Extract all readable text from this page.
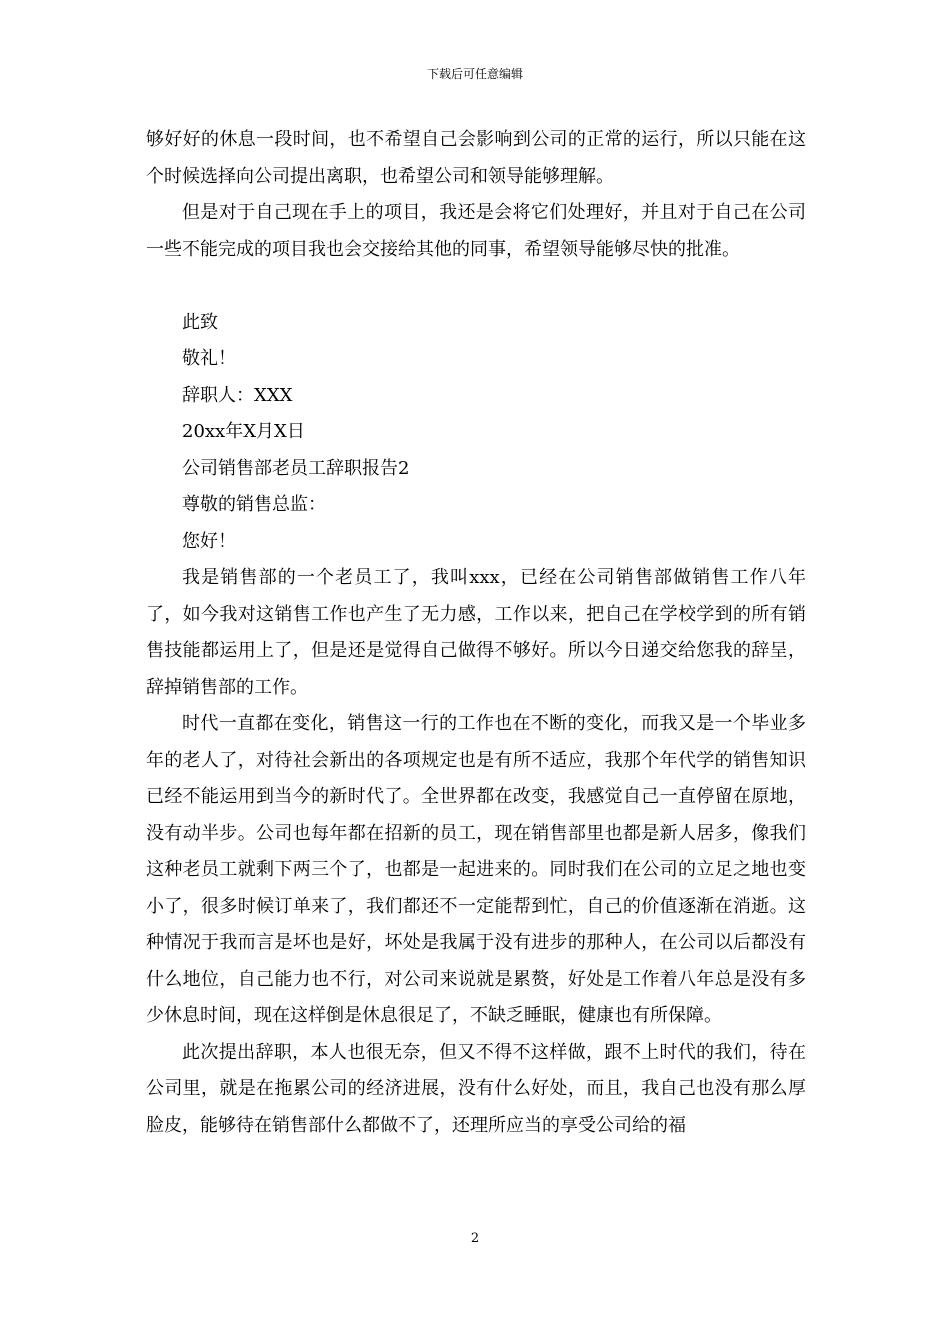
下载后可任意编辑

够好好的休息一段时间，也不希望自己会影响到公司的正常的运行，所以只能在这个时候选择向公司提出离职，也希望公司和领导能够理解。

但是对于自己现在手上的项目，我还是会将它们处理好，并且对于自己在公司一些不能完成的项目我也会交接给其他的同事，希望领导能够尽快的批准。

此致

敬礼！

辞职人：XXX

20xx年X月X日

公司销售部老员工辞职报告2

尊敬的销售总监：

您好！

我是销售部的一个老员工了，我叫xxx，已经在公司销售部做销售工作八年了，如今我对这销售工作也产生了无力感，工作以来，把自己在学校学到的所有销售技能都运用上了，但是还是觉得自己做得不够好。所以今日递交给您我的辞呈，辞掉销售部的工作。

时代一直都在变化，销售这一行的工作也在不断的变化，而我又是一个毕业多年的老人了，对待社会新出的各项规定也是有所不适应，我那个年代学的销售知识已经不能运用到当今的新时代了。全世界都在改变，我感觉自己一直停留在原地，没有动半步。公司也每年都在招新的员工，现在销售部里也都是新人居多，像我们这种老员工就剩下两三个了，也都是一起进来的。同时我们在公司的立足之地也变小了，很多时候订单来了，我们都还不一定能帮到忙，自己的价值逐渐在消逝。这种情况于我而言是坏也是好，坏处是我属于没有进步的那种人，在公司以后都没有什么地位，自己能力也不行，对公司来说就是累赘，好处是工作着八年总是没有多少休息时间，现在这样倒是休息很足了，不缺乏睡眠，健康也有所保障。

此次提出辞职，本人也很无奈，但又不得不这样做，跟不上时代的我们，待在公司里，就是在拖累公司的经济进展，没有什么好处，而且，我自己也没有那么厚脸皮，能够待在销售部什么都做不了，还理所应当的享受公司给的福

2
